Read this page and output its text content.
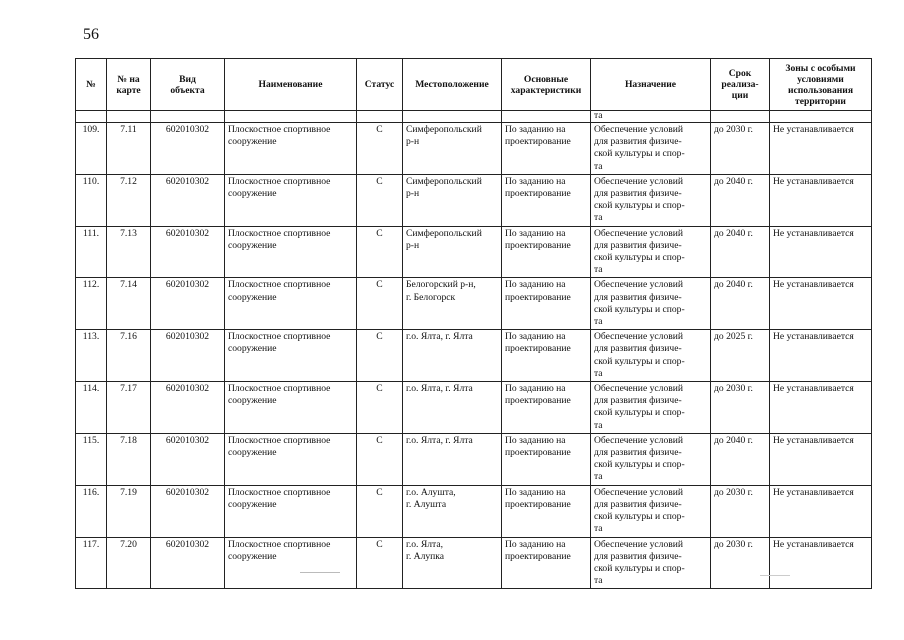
56
№	№ на
карте	Вид
объекта	Наименование	Статус	Местоположение	Основные
характеристики	Назначение	Срок
реализа-
ции	Зоны с особыми
условиями
использования
территории
							та		
109.	7.11	602010302	Плоскостное спортивное
сооружение	С	Симферопольский
р-н	По заданию на
проектирование	Обеспечение условий
для развития физиче-
ской культуры и спор-
та	до 2030 г.	Не устанавливается
110.	7.12	602010302	Плоскостное спортивное
сооружение	С	Симферопольский
р-н	По заданию на
проектирование	Обеспечение условий
для развития физиче-
ской культуры и спор-
та	до 2040 г.	Не устанавливается
111.	7.13	602010302	Плоскостное спортивное
сооружение	С	Симферопольский
р-н	По заданию на
проектирование	Обеспечение условий
для развития физиче-
ской культуры и спор-
та	до 2040 г.	Не устанавливается
112.	7.14	602010302	Плоскостное спортивное
сооружение	С	Белогорский р-н,
г. Белогорск	По заданию на
проектирование	Обеспечение условий
для развития физиче-
ской культуры и спор-
та	до 2040 г.	Не устанавливается
113.	7.16	602010302	Плоскостное спортивное
сооружение	С	г.о. Ялта, г. Ялта	По заданию на
проектирование	Обеспечение условий
для развития физиче-
ской культуры и спор-
та	до 2025 г.	Не устанавливается
114.	7.17	602010302	Плоскостное спортивное
сооружение	С	г.о. Ялта, г. Ялта	По заданию на
проектирование	Обеспечение условий
для развития физиче-
ской культуры и спор-
та	до 2030 г.	Не устанавливается
115.	7.18	602010302	Плоскостное спортивное
сооружение	С	г.о. Ялта, г. Ялта	По заданию на
проектирование	Обеспечение условий
для развития физиче-
ской культуры и спор-
та	до 2040 г.	Не устанавливается
116.	7.19	602010302	Плоскостное спортивное
сооружение	С	г.о. Алушта,
г. Алушта	По заданию на
проектирование	Обеспечение условий
для развития физиче-
ской культуры и спор-
та	до 2030 г.	Не устанавливается
117.	7.20	602010302	Плоскостное спортивное
сооружение	С	г.о. Ялта,
г. Алупка	По заданию на
проектирование	Обеспечение условий
для развития физиче-
ской культуры и спор-
та	до 2030 г.	Не устанавливается
